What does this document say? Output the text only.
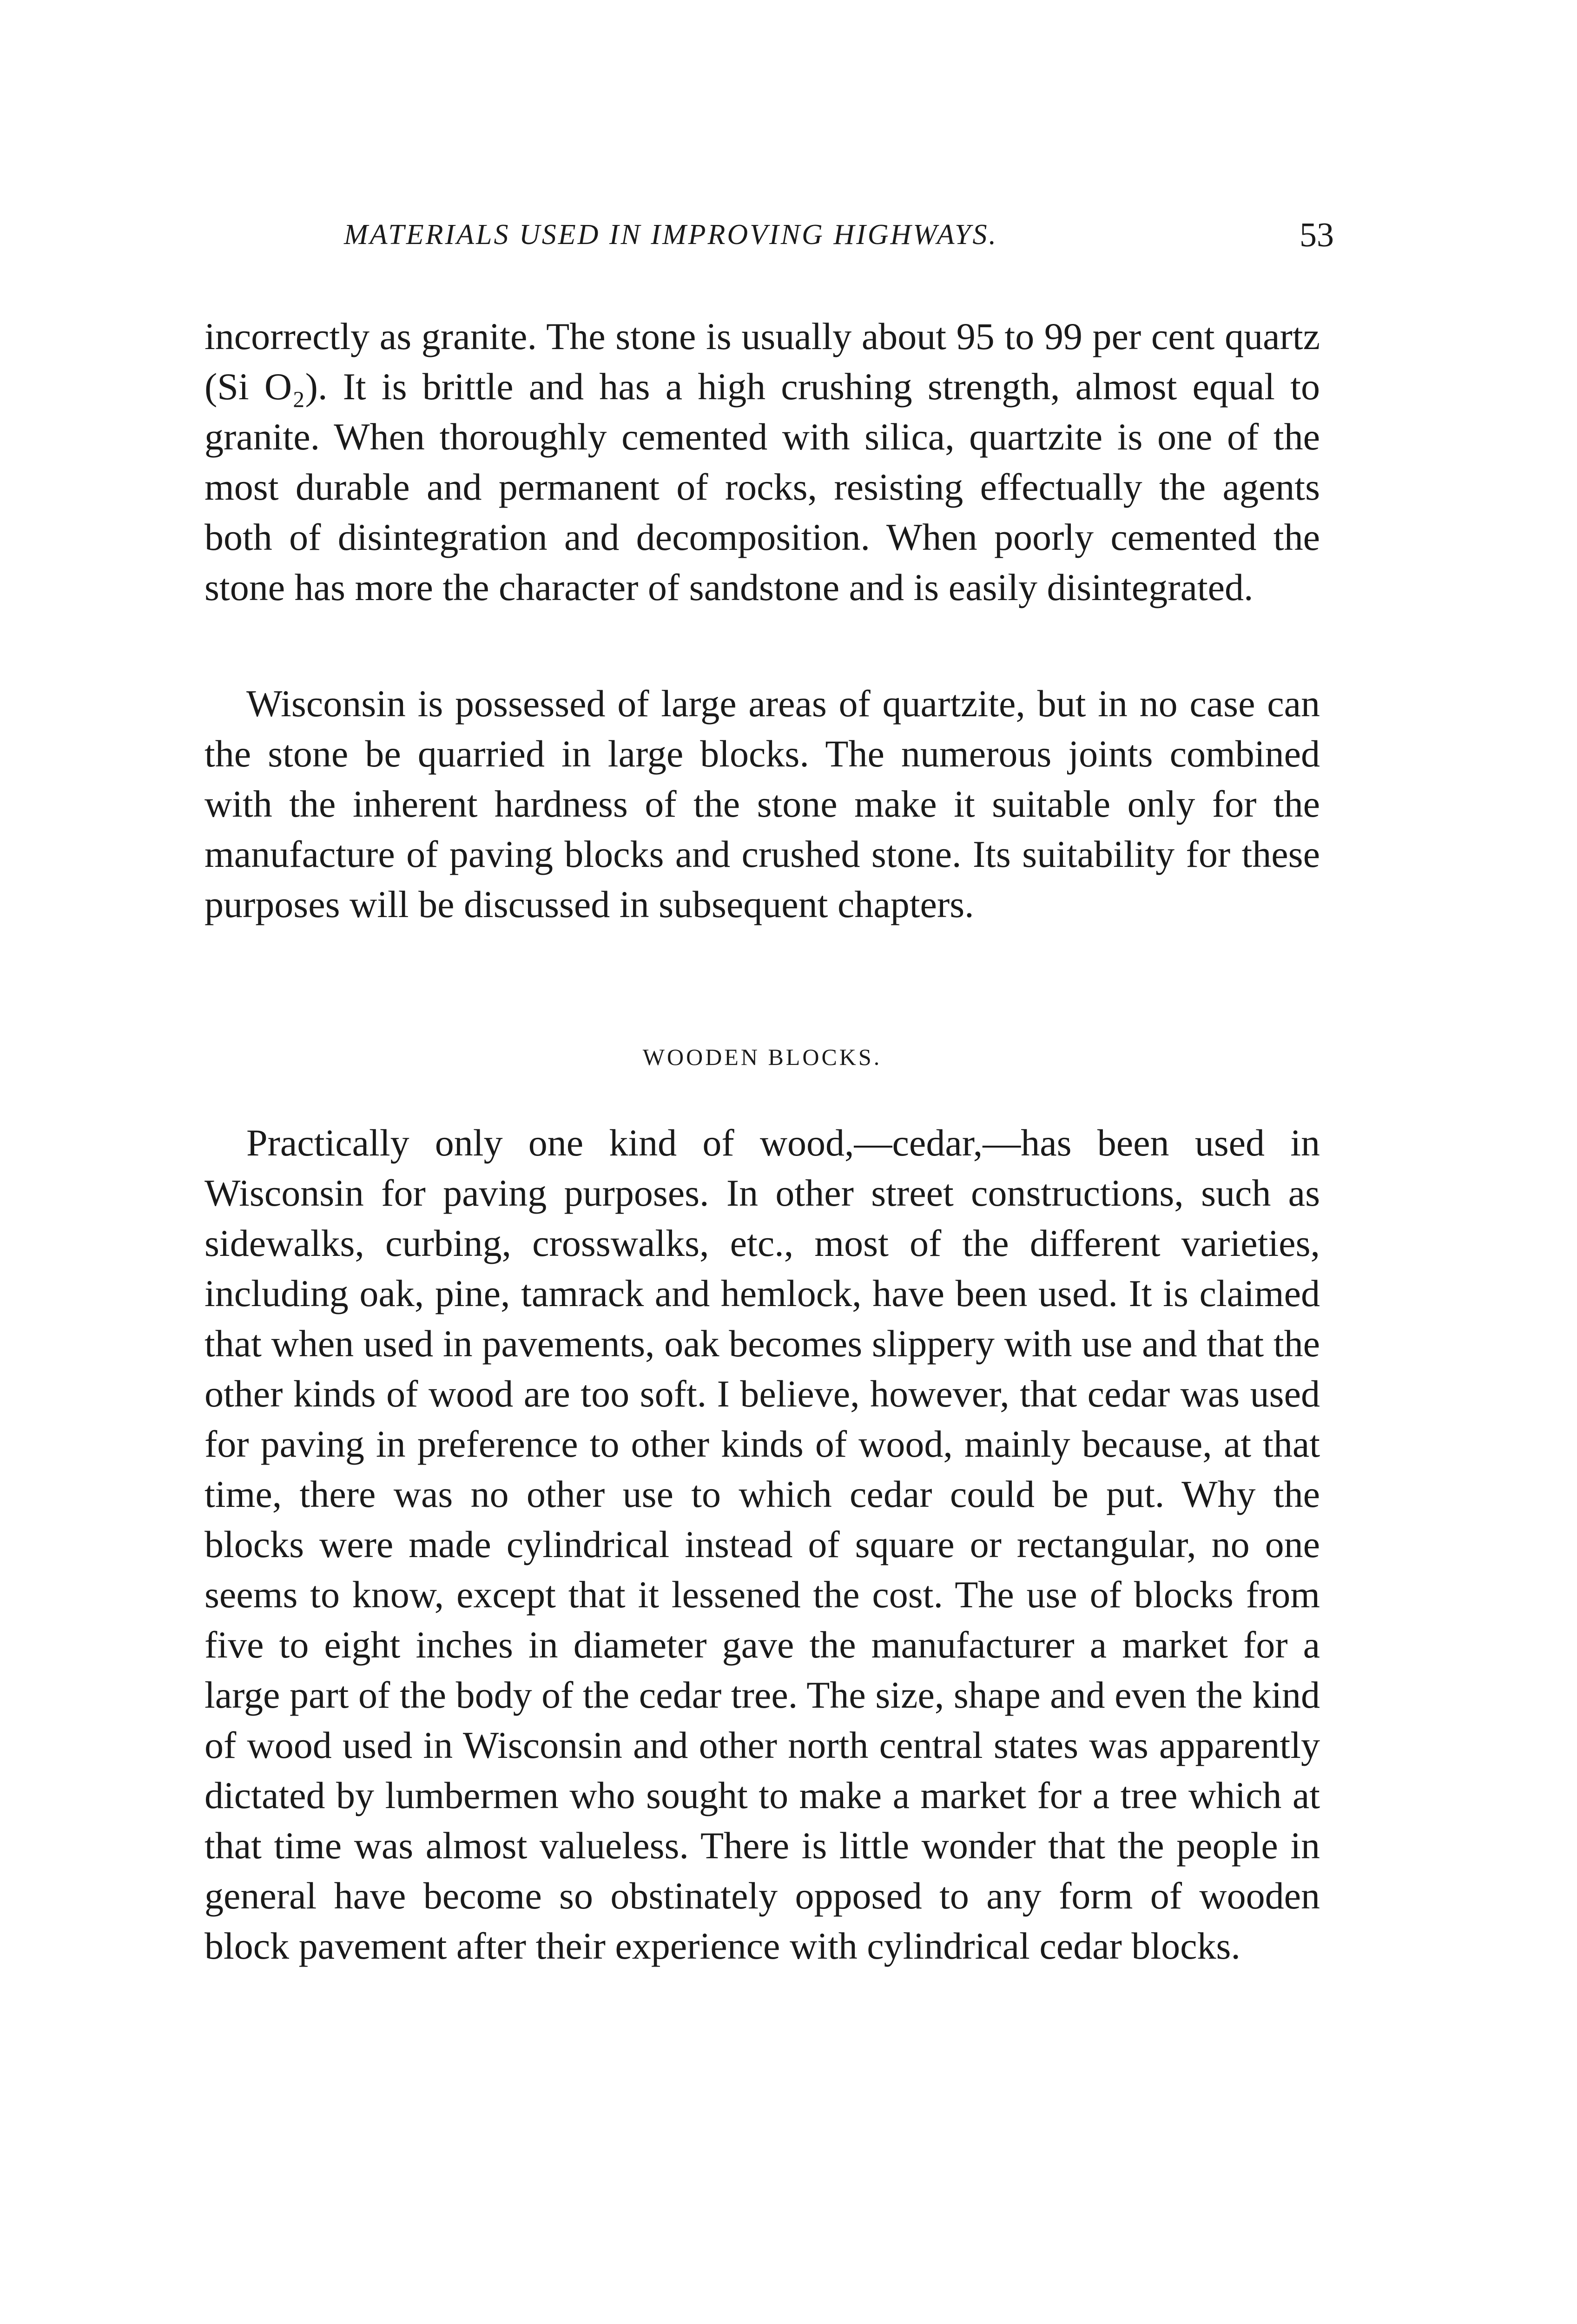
MATERIALS USED IN IMPROVING HIGHWAYS.	53

incorrectly as granite. The stone is usually about 95 to 99 per cent quartz (Si O₂). It is brittle and has a high crushing strength, almost equal to granite. When thoroughly cemented with silica, quartzite is one of the most durable and permanent of rocks, resisting effectually the agents both of disintegration and decomposition. When poorly cemented the stone has more the character of sandstone and is easily disintegrated.

Wisconsin is possessed of large areas of quartzite, but in no case can the stone be quarried in large blocks. The numerous joints combined with the inherent hardness of the stone make it suitable only for the manufacture of paving blocks and crushed stone. Its suitability for these purposes will be discussed in subsequent chapters.

WOODEN BLOCKS.

Practically only one kind of wood,—cedar,—has been used in Wisconsin for paving purposes. In other street constructions, such as sidewalks, curbing, crosswalks, etc., most of the different varieties, including oak, pine, tamrack and hemlock, have been used. It is claimed that when used in pavements, oak becomes slippery with use and that the other kinds of wood are too soft. I believe, however, that cedar was used for paving in preference to other kinds of wood, mainly because, at that time, there was no other use to which cedar could be put. Why the blocks were made cylindrical instead of square or rectangular, no one seems to know, except that it lessened the cost. The use of blocks from five to eight inches in diameter gave the manufacturer a market for a large part of the body of the cedar tree. The size, shape and even the kind of wood used in Wisconsin and other north central states was apparently dictated by lumbermen who sought to make a market for a tree which at that time was almost valueless. There is little wonder that the people in general have become so obstinately opposed to any form of wooden block pavement after their experience with cylindrical cedar blocks.
